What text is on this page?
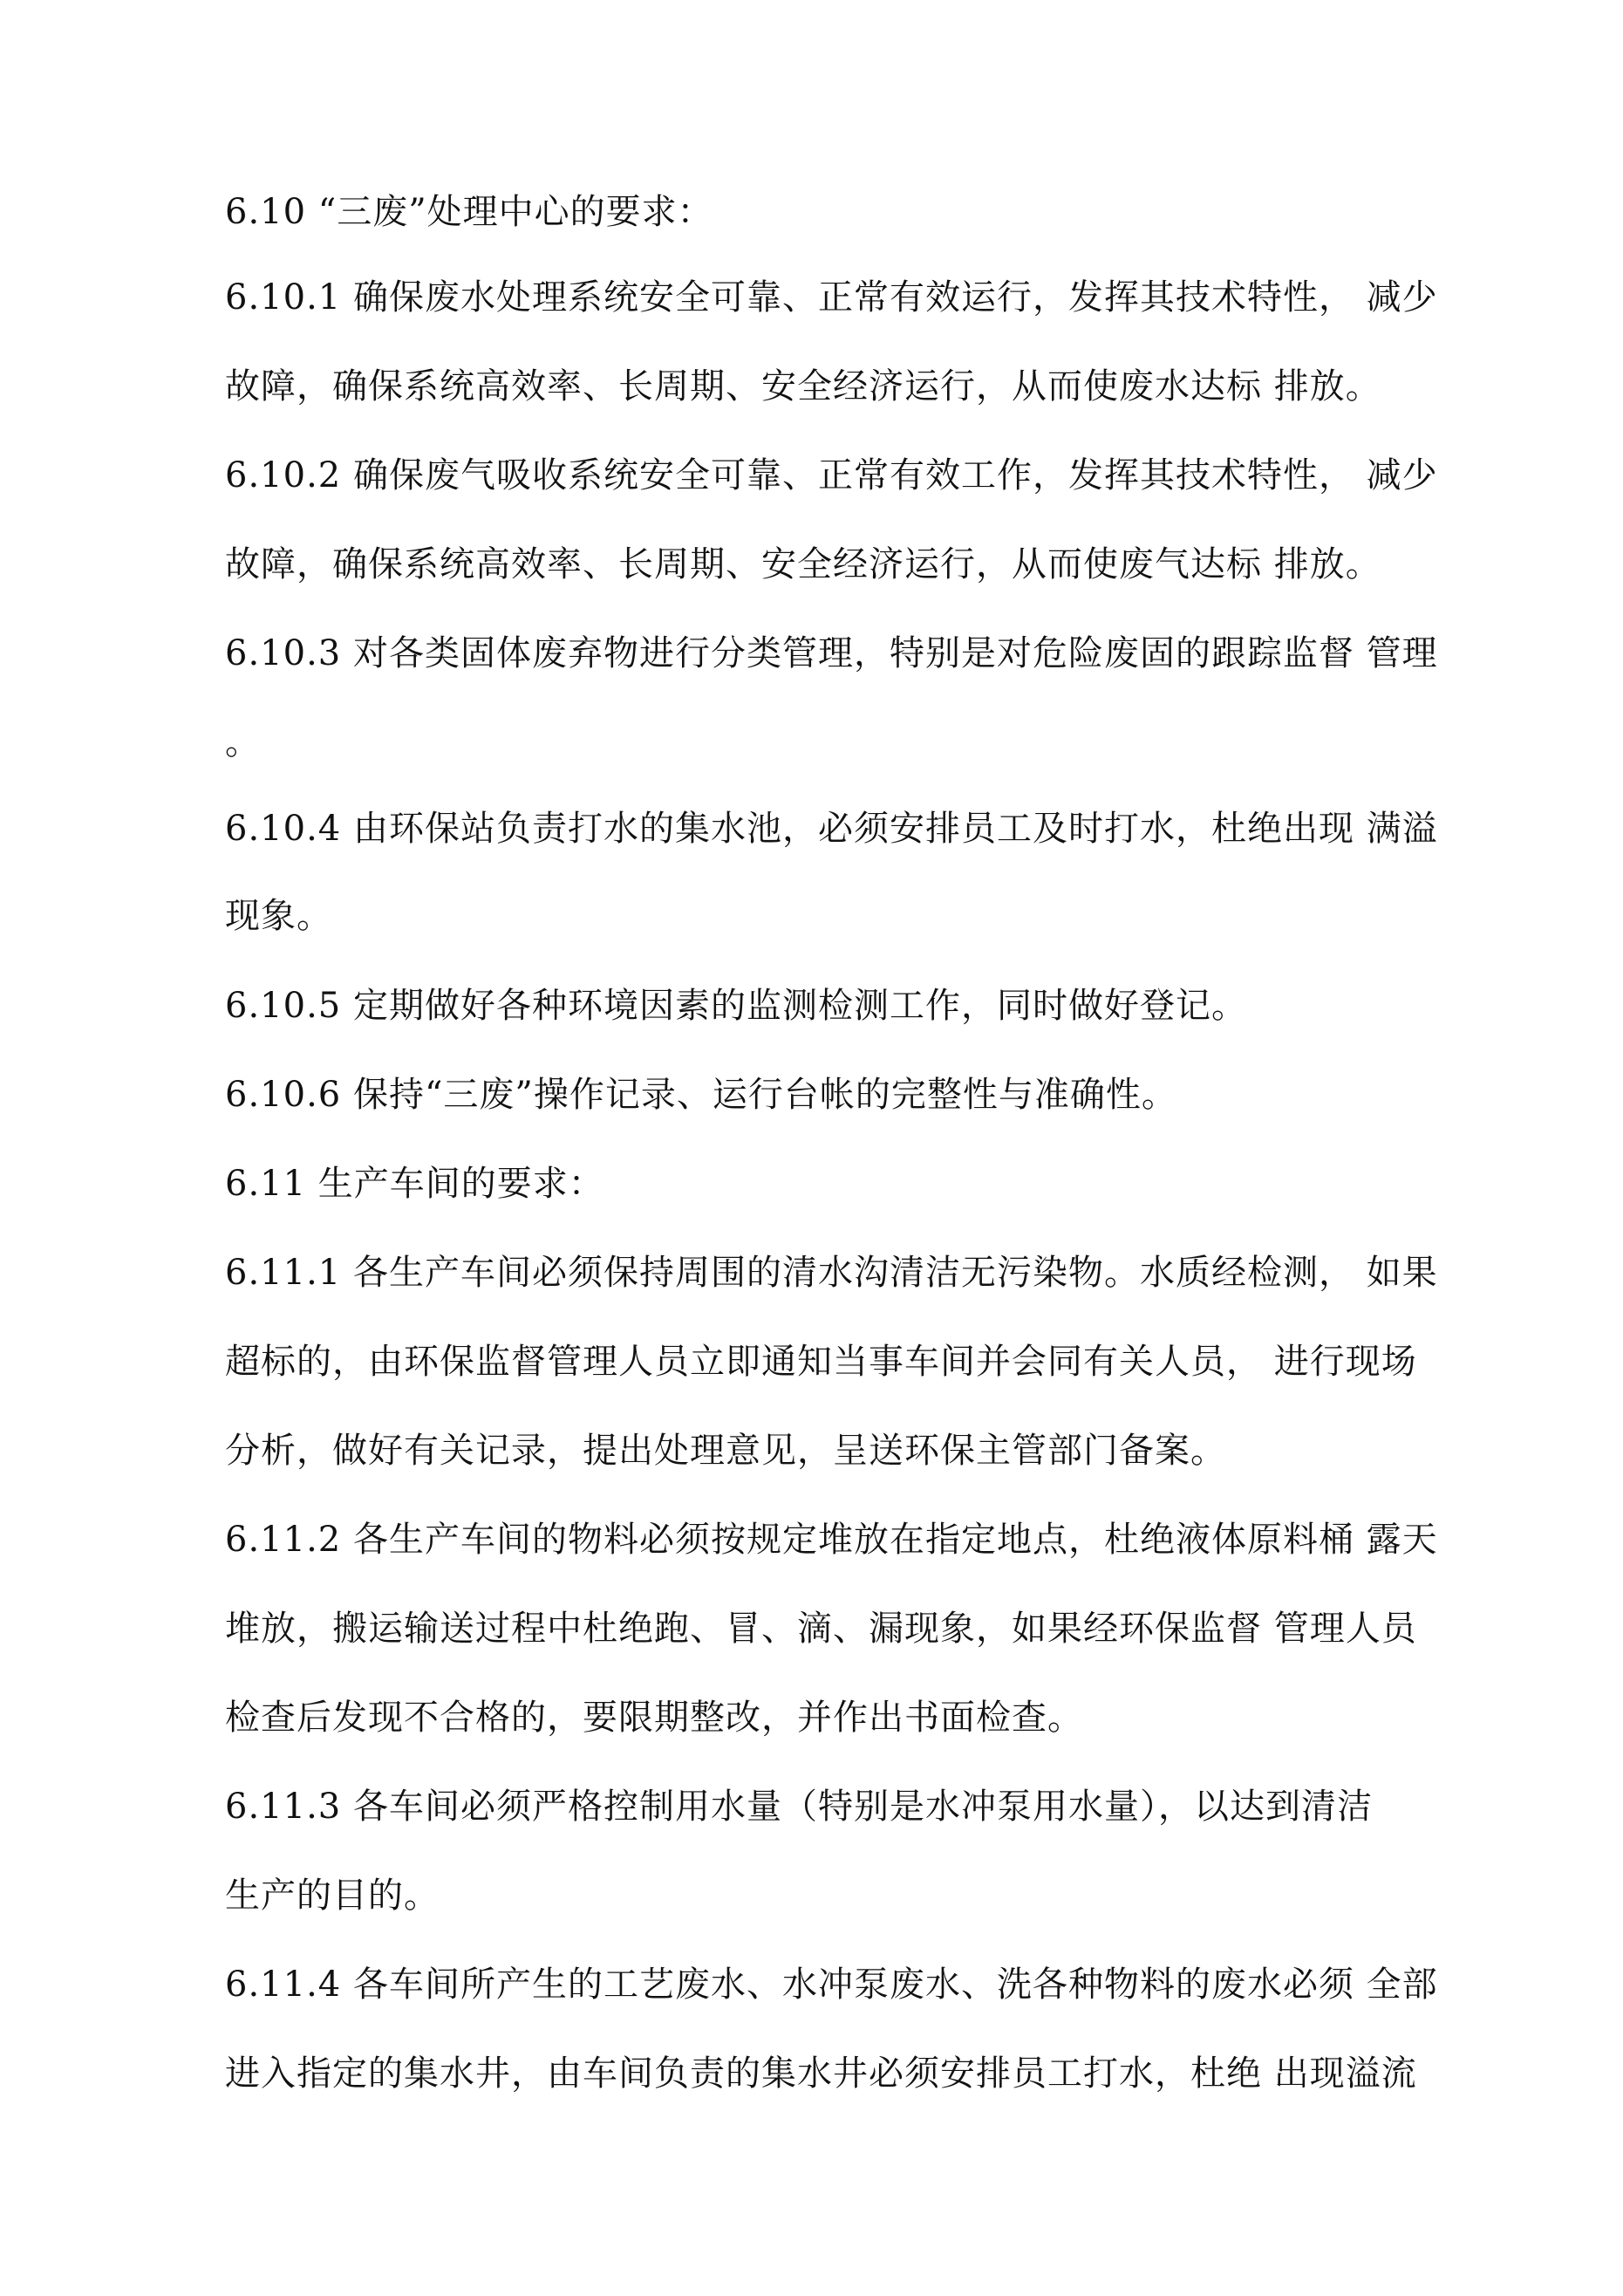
6.10 “三废”处理中心的要求：
6.10.1 确保废水处理系统安全可靠、正常有效运行，发挥其技术特性， 减少
故障，确保系统高效率、长周期、安全经济运行，从而使废水达标 排放。
6.10.2 确保废气吸收系统安全可靠、正常有效工作，发挥其技术特性， 减少
故障，确保系统高效率、长周期、安全经济运行，从而使废气达标 排放。
6.10.3 对各类固体废弃物进行分类管理，特别是对危险废固的跟踪监督 管理
。
6.10.4 由环保站负责打水的集水池，必须安排员工及时打水，杜绝出现 满溢
现象。
6.10.5 定期做好各种环境因素的监测检测工作，同时做好登记。
6.10.6 保持“三废”操作记录、运行台帐的完整性与准确性。
6.11 生产车间的要求：
6.11.1 各生产车间必须保持周围的清水沟清洁无污染物。水质经检测， 如果
超标的，由环保监督管理人员立即通知当事车间并会同有关人员， 进行现场
分析，做好有关记录，提出处理意见，呈送环保主管部门备案。
6.11.2 各生产车间的物料必须按规定堆放在指定地点，杜绝液体原料桶 露天
堆放，搬运输送过程中杜绝跑、冒、滴、漏现象，如果经环保监督 管理人员
检查后发现不合格的，要限期整改，并作出书面检查。
6.11.3 各车间必须严格控制用水量（特别是水冲泵用水量），以达到清洁
生产的目的。
6.11.4 各车间所产生的工艺废水、水冲泵废水、洗各种物料的废水必须 全部
进入指定的集水井，由车间负责的集水井必须安排员工打水，杜绝 出现溢流
